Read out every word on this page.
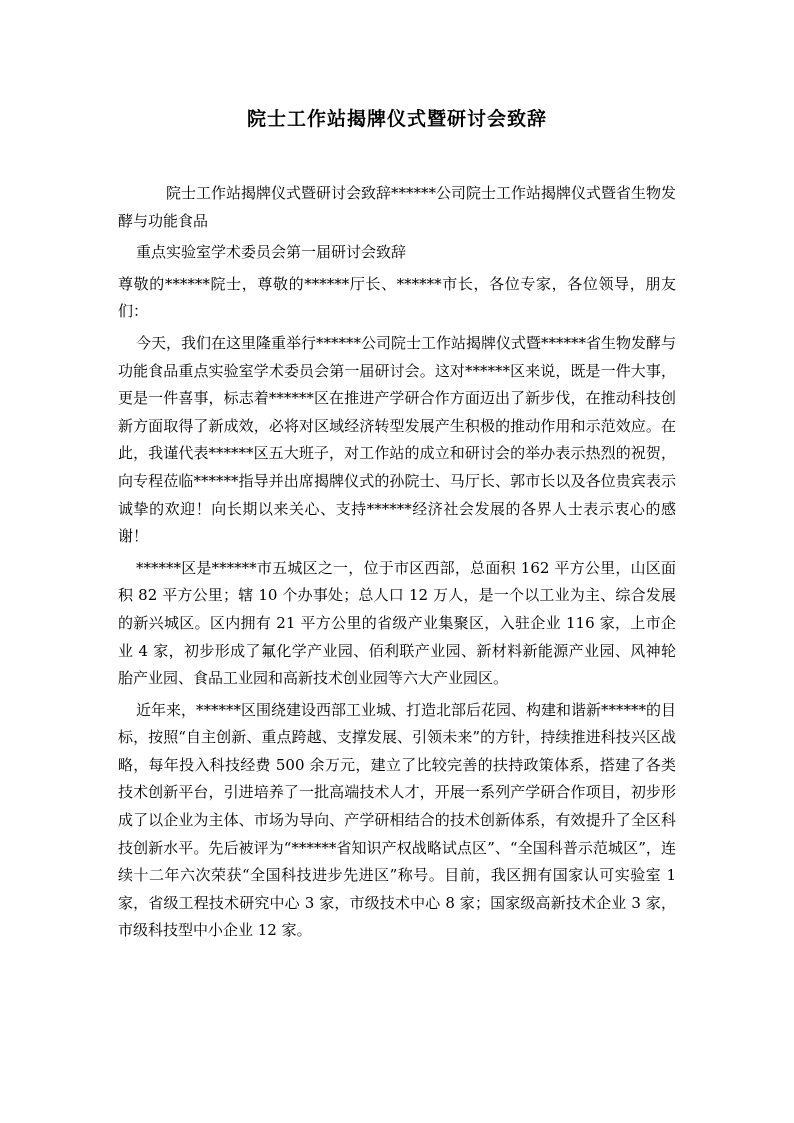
院士工作站揭牌仪式暨研讨会致辞

院士工作站揭牌仪式暨研讨会致辞******公司院士工作站揭牌仪式暨省生物发酵与功能食品

重点实验室学术委员会第一届研讨会致辞

尊敬的******院士，尊敬的******厅长、******市长，各位专家，各位领导，朋友们：

今天，我们在这里隆重举行******公司院士工作站揭牌仪式暨******省生物发酵与功能食品重点实验室学术委员会第一届研讨会。这对******区来说，既是一件大事，更是一件喜事，标志着******区在推进产学研合作方面迈出了新步伐，在推动科技创新方面取得了新成效，必将对区域经济转型发展产生积极的推动作用和示范效应。在此，我谨代表******区五大班子，对工作站的成立和研讨会的举办表示热烈的祝贺，向专程莅临******指导并出席揭牌仪式的孙院士、马厅长、郭市长以及各位贵宾表示诚挚的欢迎！向长期以来关心、支持******经济社会发展的各界人士表示衷心的感谢！

******区是******市五城区之一，位于市区西部，总面积 162 平方公里，山区面积 82 平方公里；辖 10 个办事处；总人口 12 万人，是一个以工业为主、综合发展的新兴城区。区内拥有 21 平方公里的省级产业集聚区，入驻企业 116 家，上市企业 4 家，初步形成了氟化学产业园、佰利联产业园、新材料新能源产业园、风神轮胎产业园、食品工业园和高新技术创业园等六大产业园区。

近年来，******区围绕建设西部工业城、打造北部后花园、构建和谐新******的目标，按照“自主创新、重点跨越、支撑发展、引领未来”的方针，持续推进科技兴区战略，每年投入科技经费 500 余万元，建立了比较完善的扶持政策体系，搭建了各类技术创新平台，引进培养了一批高端技术人才，开展一系列产学研合作项目，初步形成了以企业为主体、市场为导向、产学研相结合的技术创新体系，有效提升了全区科技创新水平。先后被评为“******省知识产权战略试点区”、“全国科普示范城区”，连续十二年六次荣获“全国科技进步先进区”称号。目前，我区拥有国家认可实验室 1 家，省级工程技术研究中心 3 家，市级技术中心 8 家；国家级高新技术企业 3 家，市级科技型中小企业 12 家。
